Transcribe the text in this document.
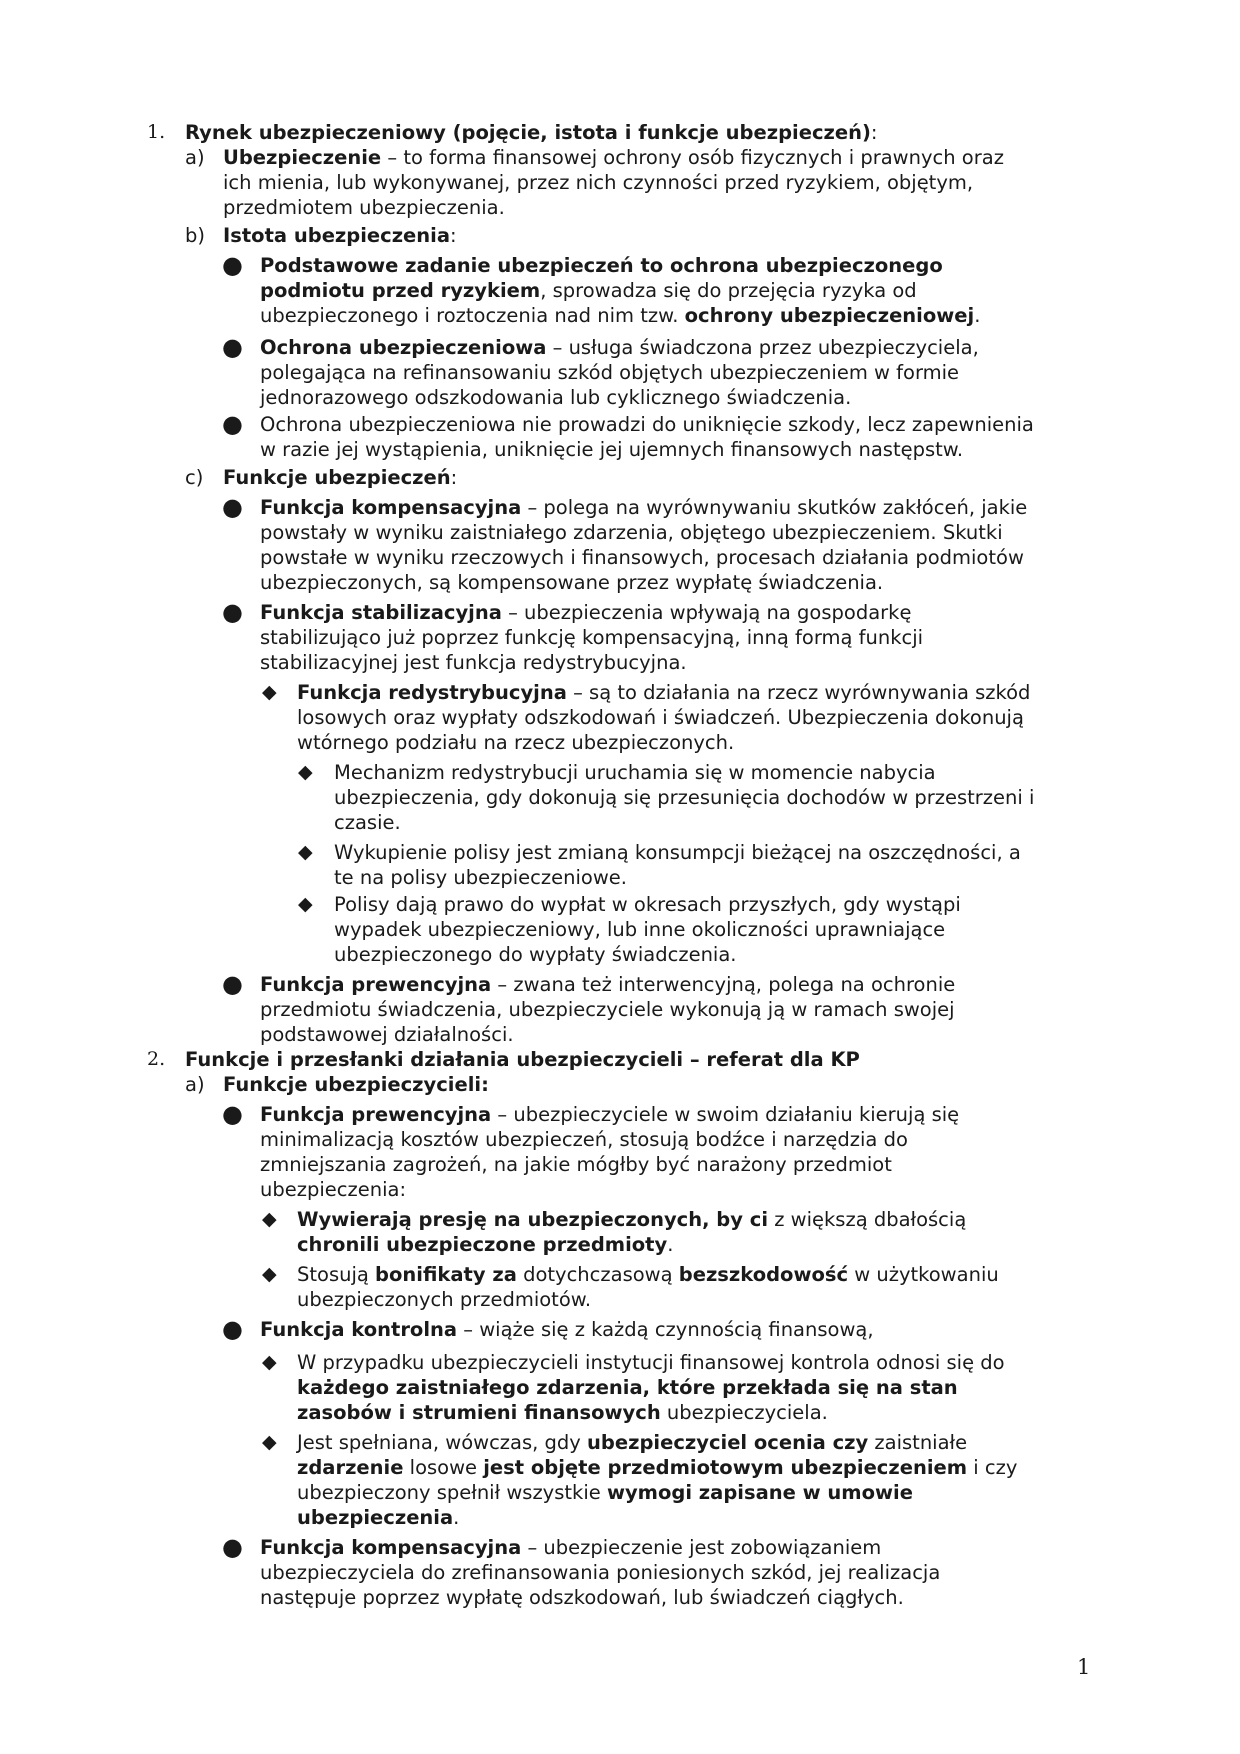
1. Rynek ubezpieczeniowy (pojęcie, istota i funkcje ubezpieczeń):
a) Ubezpieczenie – to forma finansowej ochrony osób fizycznych i prawnych oraz
ich mienia, lub wykonywanej, przez nich czynności przed ryzykiem, objętym,
przedmiotem ubezpieczenia.
b) Istota ubezpieczenia:
● Podstawowe zadanie ubezpieczeń to ochrona ubezpieczonego
podmiotu przed ryzykiem, sprowadza się do przejęcia ryzyka od
ubezpieczonego i roztoczenia nad nim tzw. ochrony ubezpieczeniowej.
● Ochrona ubezpieczeniowa – usługa świadczona przez ubezpieczyciela,
polegająca na refinansowaniu szkód objętych ubezpieczeniem w formie
jednorazowego odszkodowania lub cyklicznego świadczenia.
● Ochrona ubezpieczeniowa nie prowadzi do uniknięcie szkody, lecz zapewnienia
w razie jej wystąpienia, uniknięcie jej ujemnych finansowych następstw.
c) Funkcje ubezpieczeń:
● Funkcja kompensacyjna – polega na wyrównywaniu skutków zakłóceń, jakie
powstały w wyniku zaistniałego zdarzenia, objętego ubezpieczeniem. Skutki
powstałe w wyniku rzeczowych i finansowych, procesach działania podmiotów
ubezpieczonych, są kompensowane przez wypłatę świadczenia.
● Funkcja stabilizacyjna – ubezpieczenia wpływają na gospodarkę
stabilizująco już poprzez funkcję kompensacyjną, inną formą funkcji
stabilizacyjnej jest funkcja redystrybucyjna.
◆ Funkcja redystrybucyjna – są to działania na rzecz wyrównywania szkód
losowych oraz wypłaty odszkodowań i świadczeń. Ubezpieczenia dokonują
wtórnego podziału na rzecz ubezpieczonych.
◆ Mechanizm redystrybucji uruchamia się w momencie nabycia
ubezpieczenia, gdy dokonują się przesunięcia dochodów w przestrzeni i
czasie.
◆ Wykupienie polisy jest zmianą konsumpcji bieżącej na oszczędności, a
te na polisy ubezpieczeniowe.
◆ Polisy dają prawo do wypłat w okresach przyszłych, gdy wystąpi
wypadek ubezpieczeniowy, lub inne okoliczności uprawniające
ubezpieczonego do wypłaty świadczenia.
● Funkcja prewencyjna – zwana też interwencyjną, polega na ochronie
przedmiotu świadczenia, ubezpieczyciele wykonują ją w ramach swojej
podstawowej działalności.
2. Funkcje i przesłanki działania ubezpieczycieli – referat dla KP
a) Funkcje ubezpieczycieli:
● Funkcja prewencyjna – ubezpieczyciele w swoim działaniu kierują się
minimalizacją kosztów ubezpieczeń, stosują bodźce i narzędzia do
zmniejszania zagrożeń, na jakie mógłby być narażony przedmiot
ubezpieczenia:
◆ Wywierają presję na ubezpieczonych, by ci z większą dbałością
chronili ubezpieczone przedmioty.
◆ Stosują bonifikaty za dotychczasową bezszkodowość w użytkowaniu
ubezpieczonych przedmiotów.
● Funkcja kontrolna – wiąże się z każdą czynnością finansową,
◆ W przypadku ubezpieczycieli instytucji finansowej kontrola odnosi się do
każdego zaistniałego zdarzenia, które przekłada się na stan
zasobów i strumieni finansowych ubezpieczyciela.
◆ Jest spełniana, wówczas, gdy ubezpieczyciel ocenia czy zaistniałe
zdarzenie losowe jest objęte przedmiotowym ubezpieczeniem i czy
ubezpieczony spełnił wszystkie wymogi zapisane w umowie
ubezpieczenia.
● Funkcja kompensacyjna – ubezpieczenie jest zobowiązaniem
ubezpieczyciela do zrefinansowania poniesionych szkód, jej realizacja
następuje poprzez wypłatę odszkodowań, lub świadczeń ciągłych.
1
